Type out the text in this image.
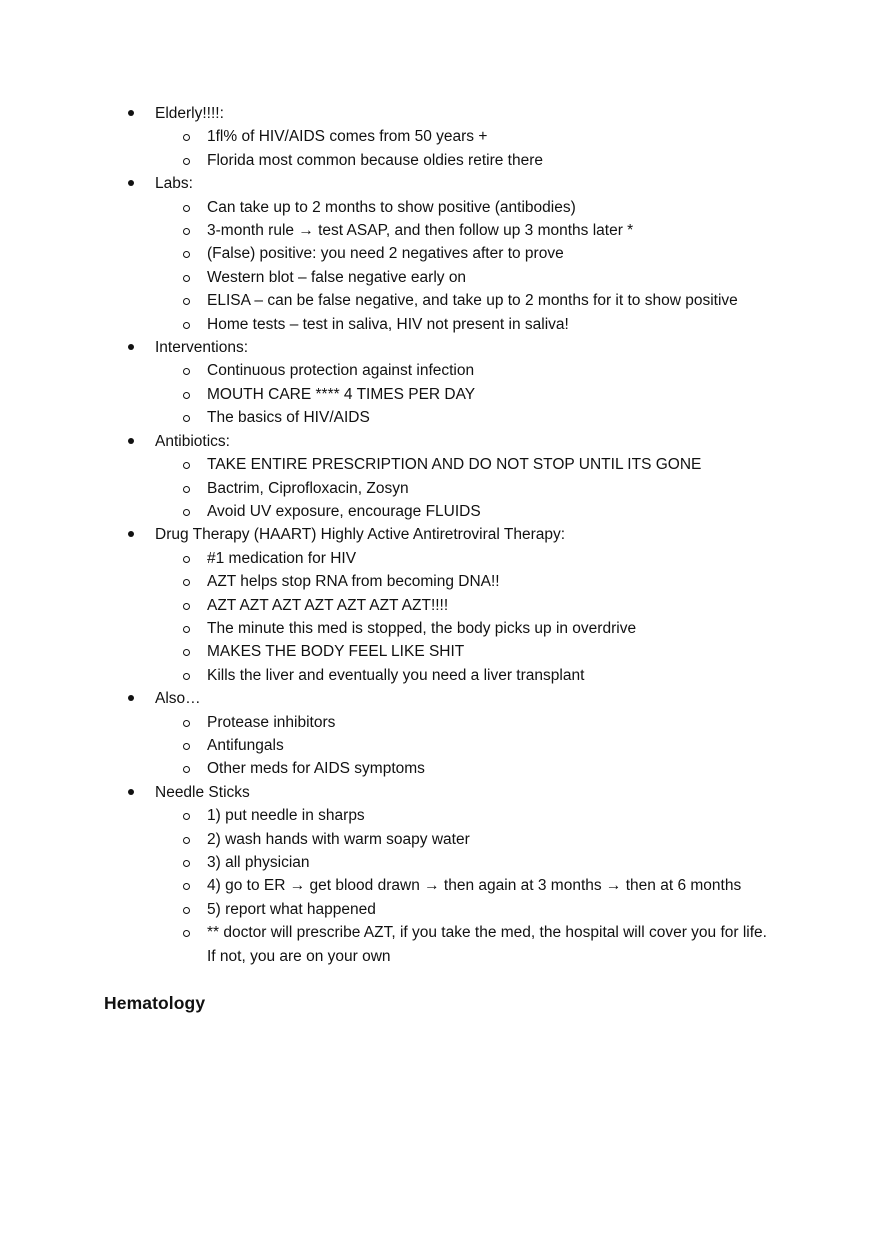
Elderly!!!!:
1fl% of HIV/AIDS comes from 50 years +
Florida most common because oldies retire there
Labs:
Can take up to 2 months to show positive (antibodies)
3-month rule → test ASAP, and then follow up 3 months later *
(False) positive: you need 2 negatives after to prove
Western blot – false negative early on
ELISA – can be false negative, and take up to 2 months for it to show positive
Home tests – test in saliva, HIV not present in saliva!
Interventions:
Continuous protection against infection
MOUTH CARE **** 4 TIMES PER DAY
The basics of HIV/AIDS
Antibiotics:
TAKE ENTIRE PRESCRIPTION AND DO NOT STOP UNTIL ITS GONE
Bactrim, Ciprofloxacin, Zosyn
Avoid UV exposure, encourage FLUIDS
Drug Therapy (HAART) Highly Active Antiretroviral Therapy:
#1 medication for HIV
AZT helps stop RNA from becoming DNA!!
AZT AZT AZT AZT AZT AZT AZT!!!!
The minute this med is stopped, the body picks up in overdrive
MAKES THE BODY FEEL LIKE SHIT
Kills the liver and eventually you need a liver transplant
Also…
Protease inhibitors
Antifungals
Other meds for AIDS symptoms
Needle Sticks
1) put needle in sharps
2) wash hands with warm soapy water
3) all physician
4) go to ER → get blood drawn → then again at 3 months → then at 6 months
5) report what happened
** doctor will prescribe AZT, if you take the med, the hospital will cover you for life. If not, you are on your own
Hematology
